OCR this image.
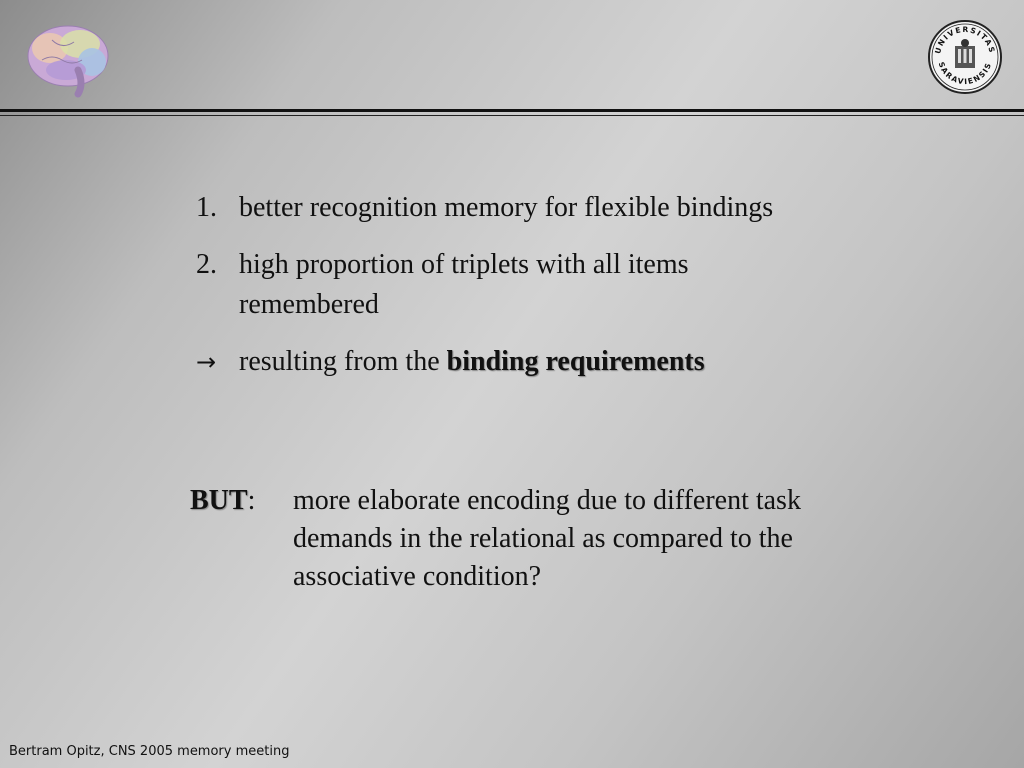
UNIVERSITAS
SARAVIENSIS
1. better recognition memory for flexible bindings
2. high proportion of triplets with all items remembered
→ resulting from the binding requirements
BUT: more elaborate encoding due to different task demands in the relational as compared to the associative condition?
Bertram Opitz, CNS 2005 memory meeting
